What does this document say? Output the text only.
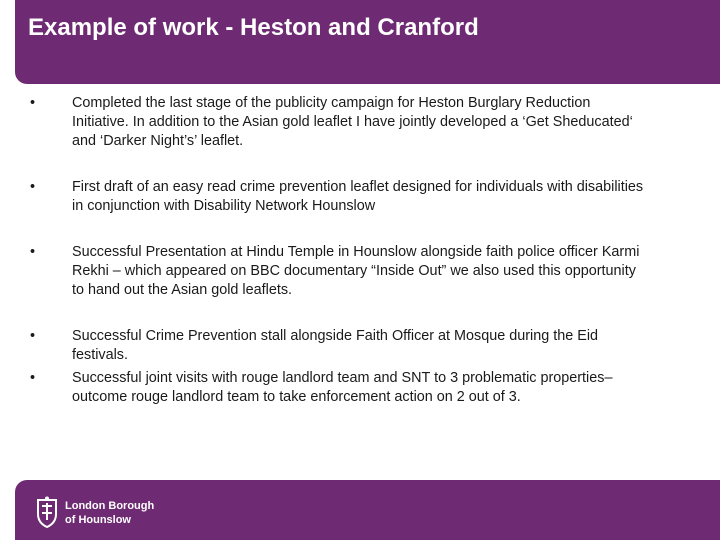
Example of work - Heston and Cranford
•	Completed the last stage of the publicity campaign for Heston Burglary Reduction Initiative. In addition to the Asian gold leaflet I have jointly developed a ‘Get Sheducated‘ and ‘Darker Night’s’ leaflet.
•	First draft of an easy read crime prevention leaflet designed for individuals with disabilities in conjunction with Disability Network Hounslow
•	Successful Presentation at Hindu Temple in Hounslow alongside faith police officer Karmi Rekhi – which appeared on BBC documentary “Inside Out” we also used this opportunity to hand out the Asian gold leaflets.
•	Successful Crime Prevention stall alongside Faith Officer at Mosque during the Eid festivals.
•	Successful joint visits with rouge landlord team and SNT to 3 problematic properties– outcome rouge landlord team to take enforcement action on 2 out of 3.
London Borough
of Hounslow
